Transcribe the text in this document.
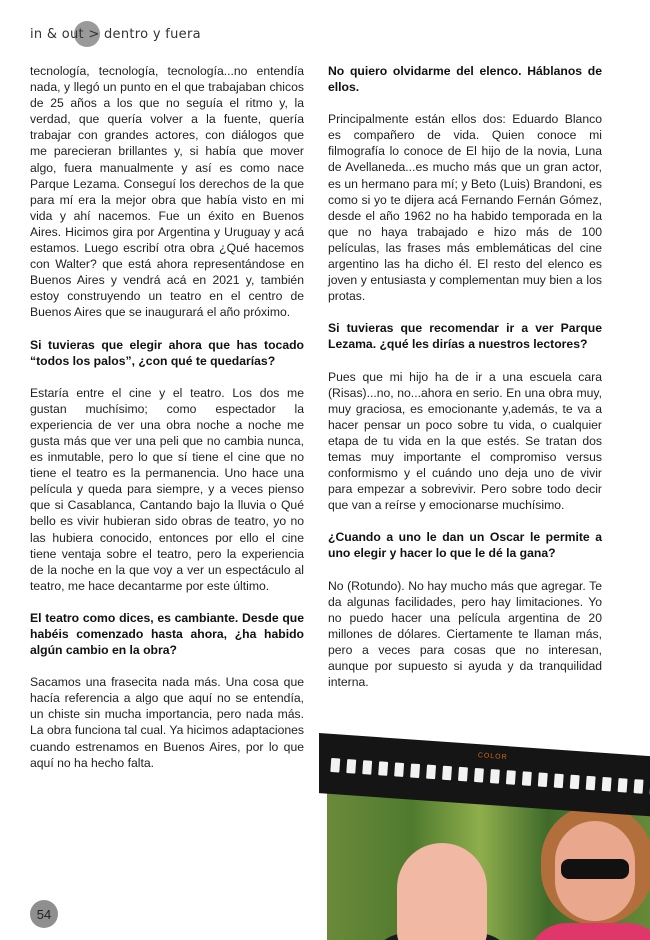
in & out > dentro y fuera

tecnología, tecnología, tecnología...no entendía nada, y llegó un punto en el que trabajaban chicos de 25 años a los que no seguía el ritmo y, la verdad, que quería volver a la fuente, quería trabajar con grandes actores, con diálogos que me parecieran brillantes y, si había que mover algo, fuera manualmente y así es como nace Parque Lezama. Conseguí los derechos de la que para mí era la mejor obra que había visto en mi vida y ahí nacemos. Fue un éxito en Buenos Aires. Hicimos gira por Argentina y Uruguay y acá estamos. Luego escribí otra obra ¿Qué hacemos con Walter? que está ahora representándose en Buenos Aires y vendrá acá en 2021 y, también estoy construyendo un teatro en el centro de Buenos Aires que se inaugurará el año próximo.

Si tuvieras que elegir ahora que has tocado “todos los palos”, ¿con qué te quedarías?

Estaría entre el cine y el teatro. Los dos me gustan muchísimo; como espectador la experiencia de ver una obra noche a noche me gusta más que ver una peli que no cambia nunca, es inmutable, pero lo que sí tiene el cine que no tiene el teatro es la permanencia. Uno hace una película y queda para siempre, y a veces pienso que si Casablanca, Cantando bajo la lluvia o Qué bello es vivir hubieran sido obras de teatro, yo no las hubiera conocido, entonces por ello el cine tiene ventaja sobre el teatro, pero la experiencia de la noche en la que voy a ver un espectáculo al teatro, me hace decantarme por este último.

El teatro como dices, es cambiante. Desde que habéis comenzado hasta ahora, ¿ha habido algún cambio en la obra?

Sacamos una frasecita nada más. Una cosa que hacía referencia a algo que aquí no se entendía, un chiste sin mucha importancia, pero nada más. La obra funciona tal cual. Ya hicimos adaptaciones cuando estrenamos en Buenos Aires, por lo que aquí no ha hecho falta.

No quiero olvidarme del elenco. Háblanos de ellos.

Principalmente están ellos dos: Eduardo Blanco es compañero de vida. Quien conoce mi filmografía lo conoce de El hijo de la novia, Luna de Avellaneda...es mucho más que un gran actor, es un hermano para mí; y Beto (Luis) Brandoni, es como si yo te dijera acá Fernando Fernán Gómez, desde el año 1962 no ha habido temporada en la que no haya trabajado e hizo más de 100 películas, las frases más emblemáticas del cine argentino las ha dicho él. El resto del elenco es joven y entusiasta y complementan muy bien a los protas.

Si tuvieras que recomendar ir a ver Parque Lezama. ¿qué les dirías a nuestros lectores?

Pues que mi hijo ha de ir a una escuela cara (Risas)...no, no...ahora en serio. En una obra muy, muy graciosa, es emocionante y,además, te va a hacer pensar un poco sobre tu vida, o cualquier etapa de tu vida en la que estés. Se tratan dos temas muy importante el compromiso versus conformismo y el cuándo uno deja uno de vivir para empezar a sobrevivir. Pero sobre todo decir que van a reírse y emocionarse muchísimo.

¿Cuando a uno le dan un Oscar le permite a uno elegir y hacer lo que le dé la gana?

No (Rotundo). No hay mucho más que agregar. Te da algunas facilidades, pero hay limitaciones. Yo no puedo hacer una película argentina de 20 millones de dólares. Ciertamente te llaman más, pero a veces para cosas que no interesan, aunque por supuesto si ayuda y da tranquilidad interna.

COLOR
54
